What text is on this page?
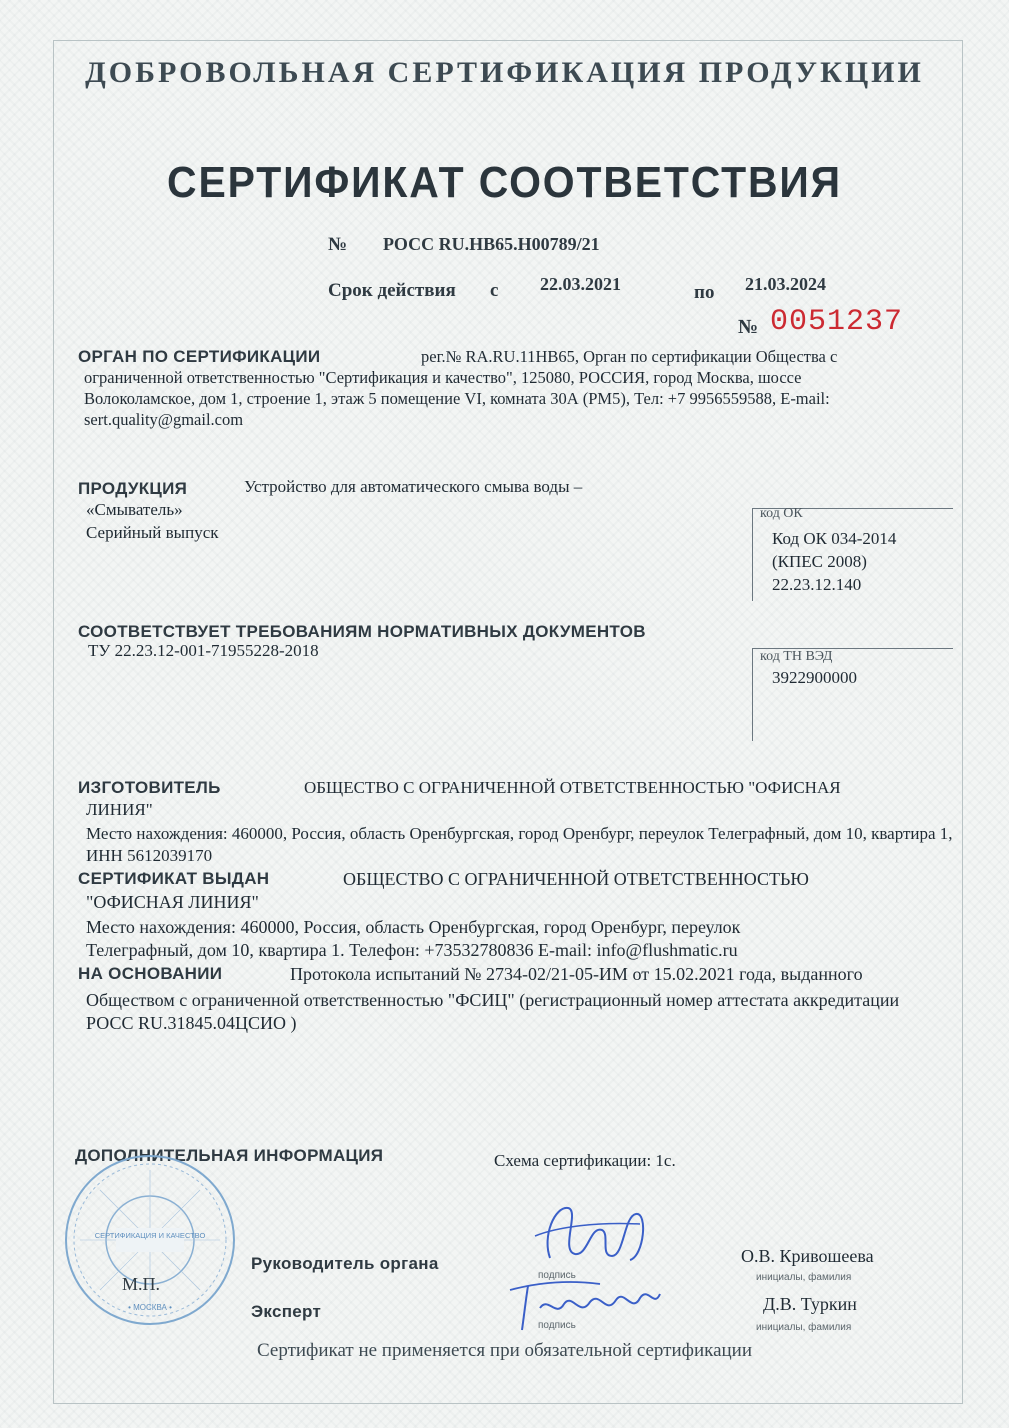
ДОБРОВОЛЬНАЯ СЕРТИФИКАЦИЯ ПРОДУКЦИИ
СЕРТИФИКАТ СООТВЕТСТВИЯ
№ РОСС RU.HB65.H00789/21
Срок действия с 22.03.2021	по 21.03.2024
№ 0051237
ОРГАН ПО СЕРТИФИКАЦИИ	рег.№ RA.RU.11HB65, Орган по сертификации Общества с ограниченной ответственностью "Сертификация и качество", 125080, РОССИЯ, город Москва, шоссе Волоколамское, дом 1, строение 1, этаж 5 помещение VI, комната 30А (РМ5), Тел: +7 9956559588, E-mail: sert.quality@gmail.com
ПРОДУКЦИЯ	Устройство для автоматического смыва воды –
«Смыватель»
Серийный выпуск
код ОК
Код ОК 034-2014
(КПЕС 2008)
22.23.12.140
СООТВЕТСТВУЕТ ТРЕБОВАНИЯМ НОРМАТИВНЫХ ДОКУМЕНТОВ
ТУ 22.23.12-001-71955228-2018	код ТН ВЭД
3922900000
ИЗГОТОВИТЕЛЬ	ОБЩЕСТВО С ОГРАНИЧЕННОЙ ОТВЕТСТВЕННОСТЬЮ "ОФИСНАЯ
ЛИНИЯ"
Место нахождения: 460000, Россия, область Оренбургская, город Оренбург, переулок Телеграфный, дом 10, квартира 1, ИНН 5612039170
СЕРТИФИКАТ ВЫДАН	ОБЩЕСТВО С ОГРАНИЧЕННОЙ ОТВЕТСТВЕННОСТЬЮ
"ОФИСНАЯ ЛИНИЯ"
Место нахождения: 460000, Россия, область Оренбургская, город Оренбург, переулок Телеграфный, дом 10, квартира 1. Телефон: +73532780836 E-mail: info@flushmatic.ru
НА ОСНОВАНИИ	Протокола испытаний № 2734-02/21-05-ИМ от 15.02.2021 года, выданного
Обществом с ограниченной ответственностью "ФСИЦ" (регистрационный номер аттестата аккредитации РОСС RU.31845.04ЦСИО )
ДОПОЛНИТЕЛЬНАЯ ИНФОРМАЦИЯ	Схема сертификации: 1с.
СЕРТИФИКАЦИЯ И КАЧЕСТВО
• МОСКВА •
М.П.
Руководитель органа	О.В. Кривошеева
подпись	инициалы, фамилия
Эксперт	Д.В. Туркин
подпись	инициалы, фамилия
Сертификат не применяется при обязательной сертификации
